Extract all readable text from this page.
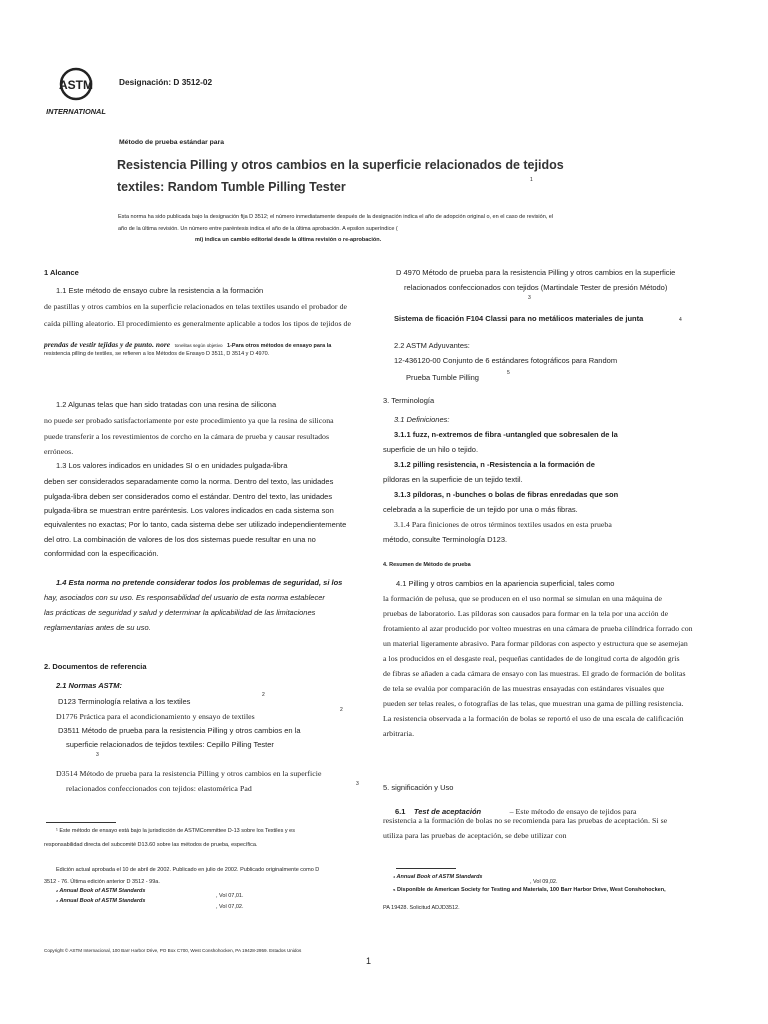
ASTM
INTERNATIONAL
Designación: D 3512-02
Método de prueba estándar para
Resistencia Pilling y otros cambios en la superficie relacionados de tejidos
textiles: Random Tumble Pilling Tester	1
Esta norma ha sido publicada bajo la designación fija D 3512; el número inmediatamente después de la designación indica el año de adopción original o, en el caso de revisión, el
año de la última revisión. Un número entre paréntesis indica el año de la última aprobación. A epsilon superíndice (
mi) indica un cambio editorial desde la última revisión o re-aprobación.
1 Alcance
1.1 Este método de ensayo cubre la resistencia a la formación
de pastillas y otros cambios en la superficie relacionados en telas textiles usando el probador de
caída pilling aleatorio. El procedimiento es generalmente aplicable a todos los tipos de tejidos de
prendas de vestir tejidas y de punto. nore tonelitas según objetivo 1-Para otros métodos de ensayo para la
resistencia pilling de textiles, se refieren a los Métodos de Ensayo D 3511, D 3514 y D 4970.
1.2 Algunas telas que han sido tratadas con una resina de silicona
no puede ser probado satisfactoriamente por este procedimiento ya que la resina de silicona
puede transferir a los revestimientos de corcho en la cámara de prueba y causar resultados
erróneos.
1.3 Los valores indicados en unidades SI o en unidades pulgada-libra
deben ser considerados separadamente como la norma. Dentro del texto, las unidades
pulgada-libra deben ser considerados como el estándar. Dentro del texto, las unidades
pulgada-libra se muestran entre paréntesis. Los valores indicados en cada sistema son
equivalentes no exactas; Por lo tanto, cada sistema debe ser utilizado independientemente
del otro. La combinación de valores de los dos sistemas puede resultar en una no
conformidad con la especificación.
1.4 Esta norma no pretende considerar todos los problemas de seguridad, si los
hay, asociados con su uso. Es responsabilidad del usuario de esta norma establecer
las prácticas de seguridad y salud y determinar la aplicabilidad de las limitaciones
reglamentarias antes de su uso.
2. Documentos de referencia
2.1 Normas ASTM:
D123 Terminología relativa a los textiles
2
D1776 Práctica para el acondicionamiento y ensayo de textiles
2
D3511 Método de prueba para la resistencia Pilling y otros cambios en la
superficie relacionados de tejidos textiles: Cepillo Pilling Tester
3
D3514 Método de prueba para la resistencia Pilling y otros cambios en la superficie
relacionados confeccionados con tejidos: elastomérica Pad	3
¹ Este método de ensayo está bajo la jurisdicción de ASTMCommittee D-13 sobre los Textiles y es
responsabilidad directa del subcomité D13.60 sobre las métodos de prueba, específica.
Edición actual aprobada el 10 de abril de 2002. Publicado en julio de 2002. Publicado originalmente como D
3512 - 76. Última edición anterior D 3512 - 99a.
₂ Annual Book of ASTM Standards
, Vol 07,01.
₃ Annual Book of ASTM Standards
, Vol 07,02.
D 4970 Método de prueba para la resistencia Pilling y otros cambios en la superficie
relacionados confeccionados con tejidos (Martindale Tester de presión Método)
3
Sistema de ficación F104 Classi para no metálicos materiales de junta	4
2.2 ASTM Adyuvantes:
12-436120-00 Conjunto de 6 estándares fotográficos para Random
Prueba Tumble Pilling	5
3. Terminología
3.1 Definiciones:
3.1.1 fuzz, n-extremos de fibra -untangled que sobresalen de la
superficie de un hilo o tejido.
3.1.2 pilling resistencia, n -Resistencia a la formación de
píldoras en la superficie de un tejido textil.
3.1.3 píldoras, n -bunches o bolas de fibras enredadas que son
celebrada a la superficie de un tejido por una o más fibras.
3.1.4 Para finiciones de otros términos textiles usados en esta prueba
método, consulte Terminología D123.
4. Resumen de Método de prueba
4.1 Pilling y otros cambios en la apariencia superficial, tales como
la formación de pelusa, que se producen en el uso normal se simulan en una máquina de
pruebas de laboratorio. Las píldoras son causados para formar en la tela por una acción de
frotamiento al azar producido por volteo muestras en una cámara de prueba cilíndrica forrado con
un material ligeramente abrasivo. Para formar píldoras con aspecto y estructura que se asemejan
a los producidos en el desgaste real, pequeñas cantidades de de longitud corta de algodón gris
de fibras se añaden a cada cámara de ensayo con las muestras. El grado de formación de bolitas
de tela se evalúa por comparación de las muestras ensayadas con estándares visuales que
pueden ser telas reales, o fotografías de las telas, que muestran una gama de pilling resistencia.
La resistencia observada a la formación de bolas se reportó el uso de una escala de calificación
arbitraria.
5. significación y Uso
6.1 Test de aceptación	– Este método de ensayo de tejidos para
resistencia a la formación de bolas no se recomienda para las pruebas de aceptación. Si se
utiliza para las pruebas de aceptación, se debe utilizar con
₄ Annual Book of ASTM Standards
, Vol 09,02.
₅ Disponible de American Society for Testing and Materials, 100 Barr Harbor Drive, West Conshohocken,
PA 19428. Solicitud ADJD3512.
Copyright © ASTM Internacional, 100 Barr Harbor Drive, PO Box C700, West Conshohocken, PA 19428-2959. Estados Unidos
1
